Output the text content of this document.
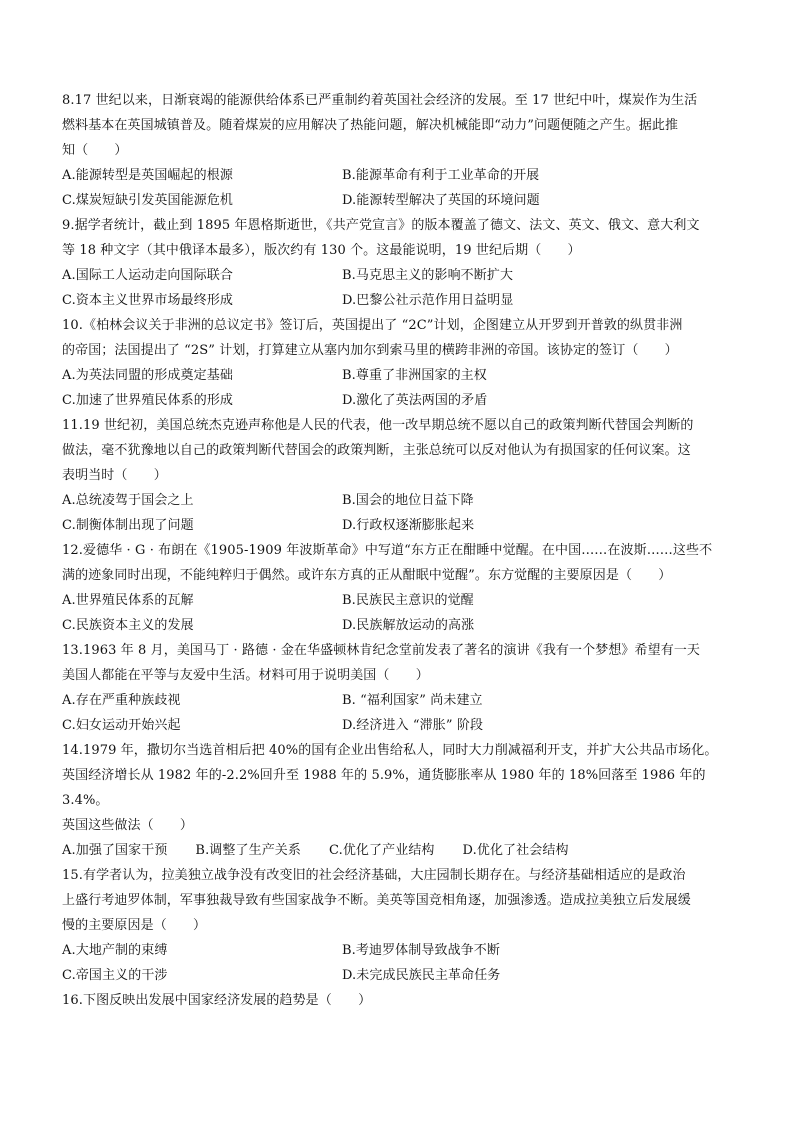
8.17 世纪以来，日渐衰竭的能源供给体系已严重制约着英国社会经济的发展。至 17 世纪中叶，煤炭作为生活
燃料基本在英国城镇普及。随着煤炭的应用解决了热能问题，解决机械能即“动力”问题便随之产生。据此推
知（　　）
A.能源转型是英国崛起的根源	B.能源革命有利于工业革命的开展
C.煤炭短缺引发英国能源危机	D.能源转型解决了英国的环境问题
9.据学者统计，截止到 1895 年恩格斯逝世，《共产党宣言》的版本覆盖了德文、法文、英文、俄文、意大利文
等 18 种文字（其中俄译本最多），版次约有 130 个。这最能说明，19 世纪后期（　　）
A.国际工人运动走向国际联合	B.马克思主义的影响不断扩大
C.资本主义世界市场最终形成	D.巴黎公社示范作用日益明显
10.《柏林会议关于非洲的总议定书》签订后，英国提出了 “2C”计划，企图建立从开罗到开普敦的纵贯非洲
的帝国；法国提出了 “2S” 计划，打算建立从塞内加尔到索马里的横跨非洲的帝国。该协定的签订（　　）
A.为英法同盟的形成奠定基础	B.尊重了非洲国家的主权
C.加速了世界殖民体系的形成	D.激化了英法两国的矛盾
11.19 世纪初，美国总统杰克逊声称他是人民的代表，他一改早期总统不愿以自己的政策判断代替国会判断的
做法，毫不犹豫地以自己的政策判断代替国会的政策判断，主张总统可以反对他认为有损国家的任何议案。这
表明当时（　　）
A.总统凌驾于国会之上	B.国会的地位日益下降
C.制衡体制出现了问题	D.行政权逐渐膨胀起来
12.爱德华 · G · 布朗在《1905-1909 年波斯革命》中写道“东方正在酣睡中觉醒。在中国……在波斯……这些不
满的迹象同时出现，不能纯粹归于偶然。或许东方真的正从酣眠中觉醒”。东方觉醒的主要原因是（　　）
A.世界殖民体系的瓦解	B.民族民主意识的觉醒
C.民族资本主义的发展	D.民族解放运动的高涨
13.1963 年 8 月，美国马丁 · 路德 · 金在华盛顿林肯纪念堂前发表了著名的演讲《我有一个梦想》希望有一天
美国人都能在平等与友爱中生活。材料可用于说明美国（　　）
A.存在严重种族歧视	B. “福利国家” 尚未建立
C.妇女运动开始兴起	D.经济进入 “滞胀” 阶段
14.1979 年，撒切尔当选首相后把 40%的国有企业出售给私人，同时大力削减福利开支，并扩大公共品市场化。
英国经济增长从 1982 年的-2.2%回升至 1988 年的 5.9%，通货膨胀率从 1980 年的 18%回落至 1986 年的 3.4%。
英国这些做法（　　）
A.加强了国家干预 B.调整了生产关系 C.优化了产业结构 D.优化了社会结构
15.有学者认为，拉美独立战争没有改变旧的社会经济基础，大庄园制长期存在。与经济基础相适应的是政治
上盛行考迪罗体制，军事独裁导致有些国家战争不断。美英等国竞相角逐，加强渗透。造成拉美独立后发展缓
慢的主要原因是（　　）
A.大地产制的束缚	B.考迪罗体制导致战争不断
C.帝国主义的干涉	D.未完成民族民主革命任务
16.下图反映出发展中国家经济发展的趋势是（　　）
